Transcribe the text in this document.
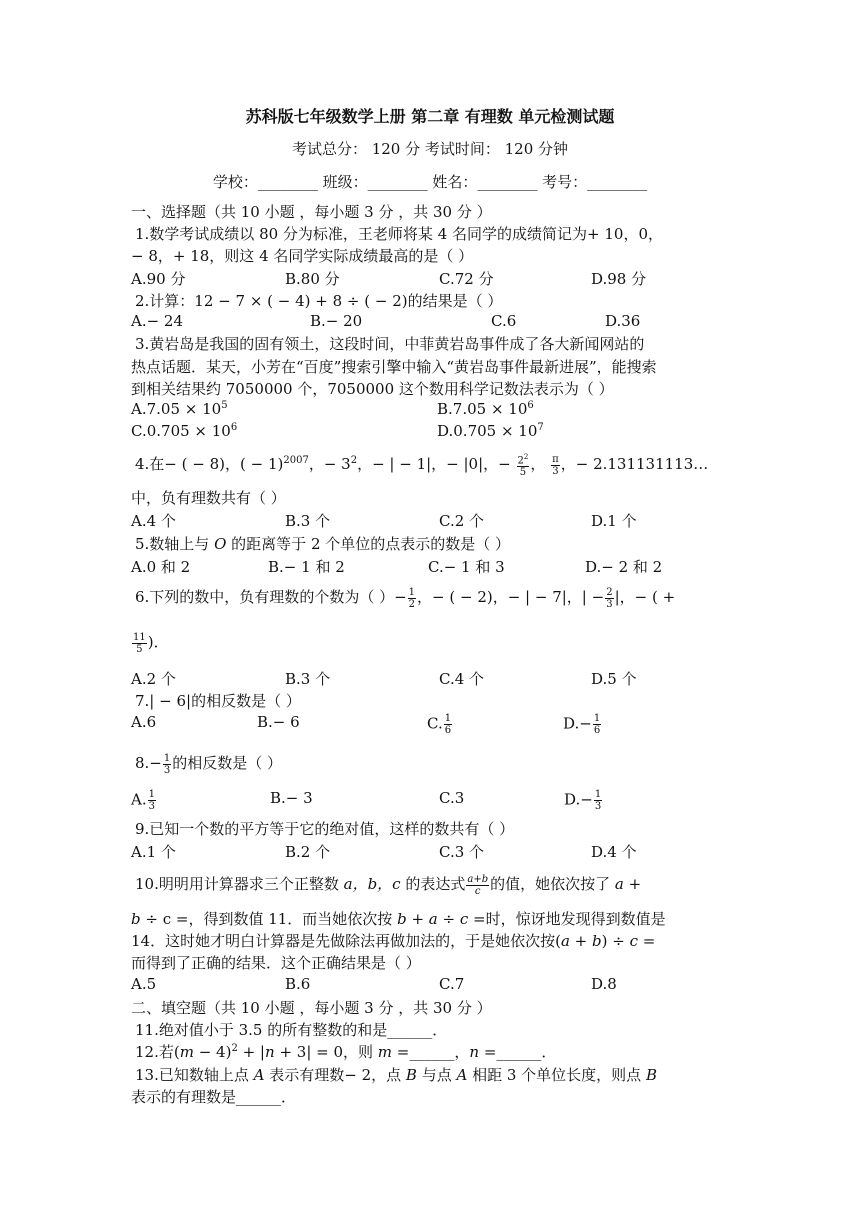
苏科版七年级数学上册 第二章 有理数 单元检测试题
考试总分： 120 分 考试时间： 120 分钟
学校：________ 班级：________ 姓名：________ 考号：________
一、选择题（共 10 小题 ，每小题 3 分 ，共 30 分 ）
1.数学考试成绩以 80 分为标准，王老师将某 4 名同学的成绩简记为+ 10，0，
− 8，+ 18，则这 4 名同学实际成绩最高的是（ ）
A.90 分	B.80 分	C.72 分	D.98 分
2.计算：12 − 7 × ( − 4) + 8 ÷ ( − 2)的结果是（ ）
A.− 24	B.− 20	C.6	D.36
3.黄岩岛是我国的固有领土，这段时间，中菲黄岩岛事件成了各大新闻网站的
热点话题．某天，小芳在“百度”搜索引擎中输入“黄岩岛事件最新进展”，能搜索
到相关结果约 7050000 个，7050000 这个数用科学记数法表示为（ ）
$A.7.05 \times 10^5$	$B.7.05 \times 10^6$
$C.0.705 \times 10^6$	$D.0.705 \times 10^7$
4.在− ( − 8)，( − 1)$^{2007}$，− $3^2$，− | − 1|，− |0|，− $\frac{2^2}{5}$ ， $\frac{\pi}{3}$ ，− 2.131131113…
中，负有理数共有（ ）
A.4 个	B.3 个	C.2 个	D.1 个
5.数轴上与 O 的距离等于 2 个单位的点表示的数是（ ）
A.0 和 2	B.− 1 和 2	C.− 1 和 3	D.− 2 和 2
6.下列的数中，负有理数的个数为（ ）− $\frac{1}{2}$ ，− ( − 2)，− | − 7|，| − $\frac{2}{3}$ |，− ( +
$\frac{11}{5}$ )．
A.2 个	B.3 个	C.4 个	D.5 个
7.| − 6|的相反数是（ ）
A.6	B.− 6	C. $\frac{1}{6}$	$D.- \frac{1}{6}$
$8.- \frac{1}{3}$ 的相反数是（ ）
A. $\frac{1}{3}$	B.− 3	C.3	$D.- \frac{1}{3}$
9.已知一个数的平方等于它的绝对值，这样的数共有（ ）
A.1 个	B.2 个	C.3 个	D.4 个
10.明明用计算器求三个正整数 a，b，c 的表达式 $\frac{a+b}{c}$ 的值，她依次按了 a +
b ÷ c =，得到数值 11．而当她依次按 b + a ÷ c =时，惊讶地发现得到数值是
14．这时她才明白计算器是先做除法再做加法的，于是她依次按(a + b) ÷ c =
而得到了正确的结果．这个正确结果是（ ）
A.5	B.6	C.7	D.8
二、填空题（共 10 小题 ，每小题 3 分 ，共 30 分 ）
11.绝对值小于 3.5 的所有整数的和是______．
12.若$(m - 4)^2 + |n + 3| = 0$，则 m =______，n =______．
13.已知数轴上点 A 表示有理数− 2，点 B 与点 A 相距 3 个单位长度，则点 B
表示的有理数是______．
